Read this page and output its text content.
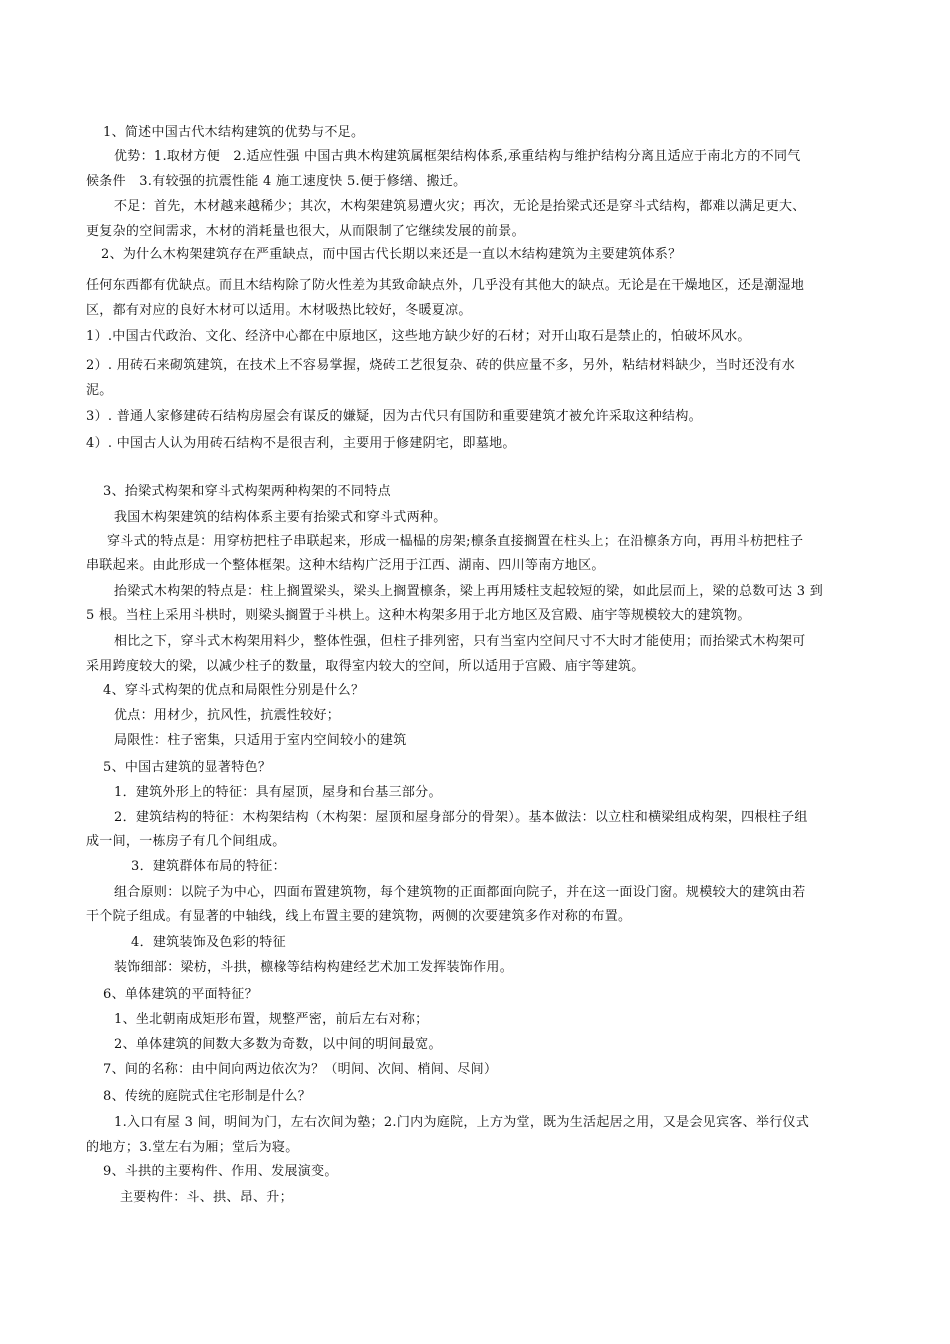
1、简述中国古代木结构建筑的优势与不足。
优势：1.取材方便　2.适应性强 中国古典木构建筑属框架结构体系,承重结构与维护结构分离且适应于南北方的不同气
候条件　3.有较强的抗震性能 4 施工速度快 5.便于修缮、搬迁。
不足：首先，木材越来越稀少；其次，木构架建筑易遭火灾；再次，无论是抬梁式还是穿斗式结构，都难以满足更大、
更复杂的空间需求，木材的消耗量也很大，从而限制了它继续发展的前景。
2、为什么木构架建筑存在严重缺点，而中国古代长期以来还是一直以木结构建筑为主要建筑体系？
任何东西都有优缺点。而且木结构除了防火性差为其致命缺点外，几乎没有其他大的缺点。无论是在干燥地区，还是潮湿地
区，都有对应的良好木材可以适用。木材吸热比较好，冬暖夏凉。
1）.中国古代政治、文化、经济中心都在中原地区，这些地方缺少好的石材；对开山取石是禁止的，怕破坏风水。
2）. 用砖石来砌筑建筑，在技术上不容易掌握，烧砖工艺很复杂、砖的供应量不多，另外，粘结材料缺少，当时还没有水
泥。
3）. 普通人家修建砖石结构房屋会有谋反的嫌疑，因为古代只有国防和重要建筑才被允许采取这种结构。
4）. 中国古人认为用砖石结构不是很吉利，主要用于修建阴宅，即墓地。
3、抬梁式构架和穿斗式构架两种构架的不同特点
我国木构架建筑的结构体系主要有抬梁式和穿斗式两种。
穿斗式的特点是：用穿枋把柱子串联起来，形成一榀榀的房架;檩条直接搁置在柱头上；在沿檩条方向，再用斗枋把柱子
串联起来。由此形成一个整体框架。这种木结构广泛用于江西、湖南、四川等南方地区。
抬梁式木构架的特点是：柱上搁置梁头，梁头上搁置檩条，梁上再用矮柱支起较短的梁，如此层而上，梁的总数可达 3 到
5 根。当柱上采用斗栱时，则梁头搁置于斗栱上。这种木构架多用于北方地区及宫殿、庙宇等规模较大的建筑物。
相比之下，穿斗式木构架用料少，整体性强，但柱子排列密，只有当室内空间尺寸不大时才能使用；而抬梁式木构架可
采用跨度较大的梁，以减少柱子的数量，取得室内较大的空间，所以适用于宫殿、庙宇等建筑。
4、穿斗式构架的优点和局限性分别是什么？
优点：用材少，抗风性，抗震性较好；
局限性：柱子密集，只适用于室内空间较小的建筑
5、中国古建筑的显著特色？
1．建筑外形上的特征：具有屋顶，屋身和台基三部分。
2．建筑结构的特征：木构架结构（木构架：屋顶和屋身部分的骨架）。基本做法：以立柱和横梁组成构架，四根柱子组
成一间，一栋房子有几个间组成。
3．建筑群体布局的特征：
组合原则：以院子为中心，四面布置建筑物，每个建筑物的正面都面向院子，并在这一面设门窗。规模较大的建筑由若
干个院子组成。有显著的中轴线，线上布置主要的建筑物，两侧的次要建筑多作对称的布置。
4．建筑装饰及色彩的特征
装饰细部：梁枋，斗拱，檩椽等结构构建经艺术加工发挥装饰作用。
6、单体建筑的平面特征？
1、坐北朝南成矩形布置，规整严密，前后左右对称；
2、单体建筑的间数大多数为奇数，以中间的明间最宽。
7、间的名称：由中间向两边依次为？（明间、次间、梢间、尽间）
8、传统的庭院式住宅形制是什么？
1.入口有屋 3 间，明间为门，左右次间为塾；2.门内为庭院，上方为堂，既为生活起居之用，又是会见宾客、举行仪式
的地方；3.堂左右为厢；堂后为寝。
9、斗拱的主要构件、作用、发展演变。
主要构件：斗、拱、昂、升；
